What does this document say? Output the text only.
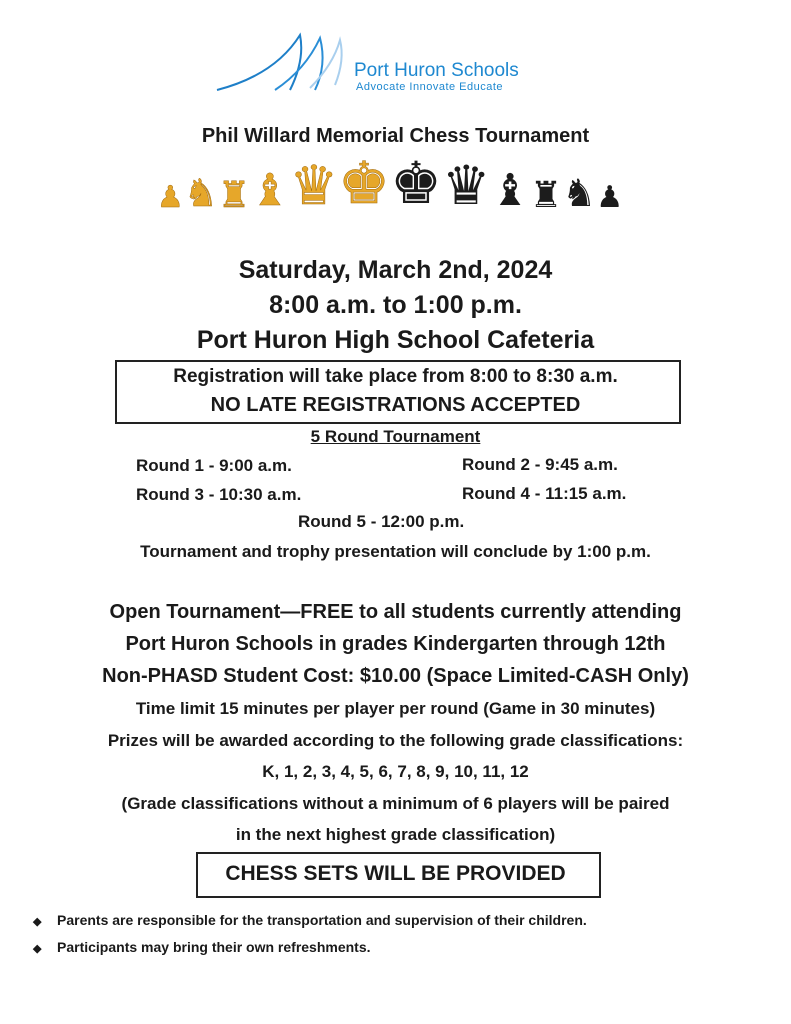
Port Huron Schools
Advocate Innovate Educate
Phil Willard Memorial Chess Tournament
♟ ♞ ♜ ♝ ♛ ♚ ♚ ♛ ♝ ♜ ♞ ♟
Saturday, March 2nd, 2024
8:00 a.m. to 1:00 p.m.
Port Huron High School Cafeteria
Registration will take place from 8:00 to 8:30 a.m.
NO LATE REGISTRATIONS ACCEPTED
5 Round Tournament
Round 1 - 9:00 a.m.	Round 2 - 9:45 a.m.
Round 3 - 10:30 a.m.	Round 4 - 11:15 a.m.
Round 5 - 12:00 p.m.
Tournament and trophy presentation will conclude by 1:00 p.m.
Open Tournament—FREE to all students currently attending
Port Huron Schools in grades Kindergarten through 12th
Non-PHASD Student Cost: $10.00 (Space Limited-CASH Only)
Time limit 15 minutes per player per round (Game in 30 minutes)
Prizes will be awarded according to the following grade classifications:
K, 1, 2, 3, 4, 5, 6, 7, 8, 9, 10, 11, 12
(Grade classifications without a minimum of 6 players will be paired
in the next highest grade classification)
CHESS SETS WILL BE PROVIDED
◆ Parents are responsible for the transportation and supervision of their children.
◆ Participants may bring their own refreshments.
